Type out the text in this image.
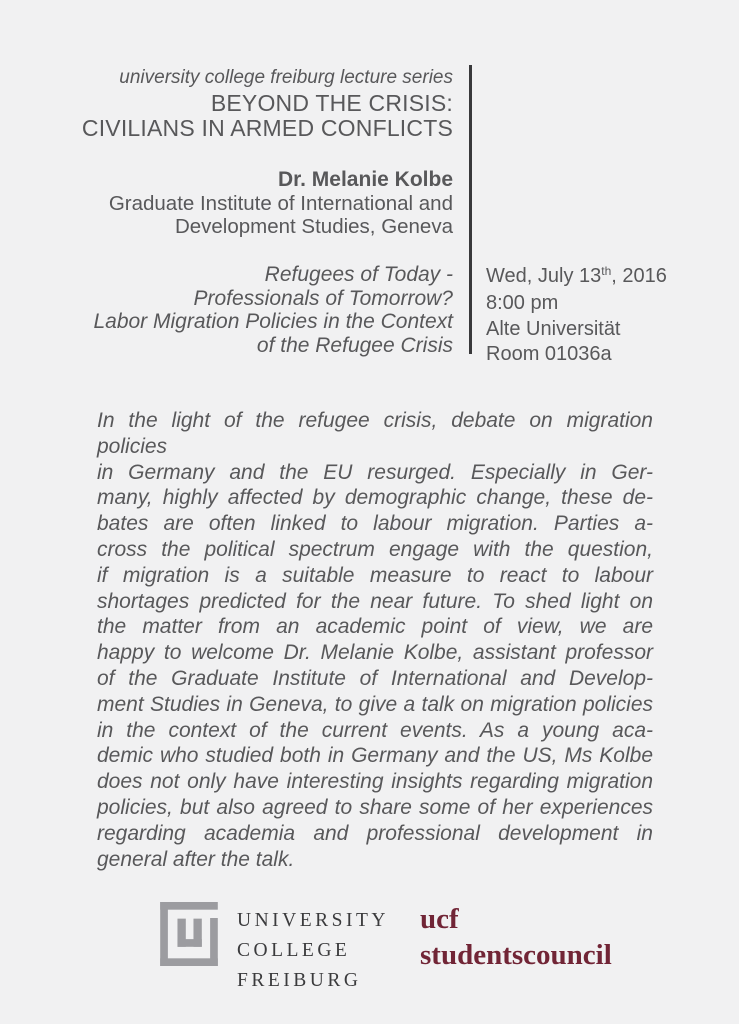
university college freiburg lecture series
BEYOND THE CRISIS:
CIVILIANS IN ARMED CONFLICTS
Dr. Melanie Kolbe
Graduate Institute of International and
Development Studies, Geneva
Refugees of Today -
Professionals of Tomorrow?
Labor Migration Policies in the Context
of the Refugee Crisis
Wed, July 13th, 2016
8:00 pm
Alte Universität
Room 01036a
In the light of the refugee crisis, debate on migration policies
in Germany and the EU resurged. Especially in Ger-
many, highly affected by demographic change, these de-
bates are often linked to labour migration. Parties a-
cross the political spectrum engage with the question,
if migration is a suitable measure to react to labour
shortages predicted for the near future. To shed light on
the matter from an academic point of view, we are
happy to welcome Dr. Melanie Kolbe, assistant professor
of the Graduate Institute of International and Develop-
ment Studies in Geneva, to give a talk on migration policies
in the context of the current events. As a young aca-
demic who studied both in Germany and the US, Ms Kolbe
does not only have interesting insights regarding migration
policies, but also agreed to share some of her experiences
regarding academia and professional development in
general after the talk.
UNIVERSITY
COLLEGE
FREIBURG
ucf
studentscouncil
